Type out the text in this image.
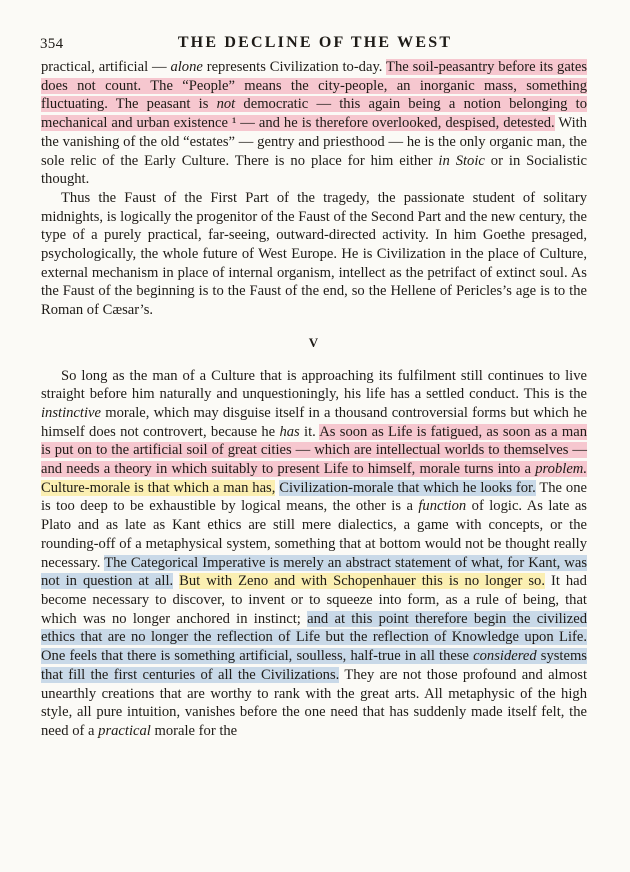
354	THE DECLINE OF THE WEST

practical, artificial — alone represents Civilization to-day. The soil-peasantry before its gates does not count. The “People” means the city-people, an inorganic mass, something fluctuating. The peasant is not democratic — this again being a notion belonging to mechanical and urban existence ¹ — and he is therefore overlooked, despised, detested. With the vanishing of the old “estates” — gentry and priesthood — he is the only organic man, the sole relic of the Early Culture. There is no place for him either in Stoic or in Socialistic thought.

Thus the Faust of the First Part of the tragedy, the passionate student of solitary midnights, is logically the progenitor of the Faust of the Second Part and the new century, the type of a purely practical, far-seeing, outward-directed activity. In him Goethe presaged, psychologically, the whole future of West Europe. He is Civilization in the place of Culture, external mechanism in place of internal organism, intellect as the petrifact of extinct soul. As the Faust of the beginning is to the Faust of the end, so the Hellene of Pericles’s age is to the Roman of Cæsar’s.

V

So long as the man of a Culture that is approaching its fulfilment still continues to live straight before him naturally and unquestioningly, his life has a settled conduct. This is the instinctive morale, which may disguise itself in a thousand controversial forms but which he himself does not controvert, because he has it. As soon as Life is fatigued, as soon as a man is put on to the artificial soil of great cities — which are intellectual worlds to themselves — and needs a theory in which suitably to present Life to himself, morale turns into a problem. Culture-morale is that which a man has, Civilization-morale that which he looks for. The one is too deep to be exhaustible by logical means, the other is a function of logic. As late as Plato and as late as Kant ethics are still mere dialectics, a game with concepts, or the rounding-off of a metaphysical system, something that at bottom would not be thought really necessary. The Categorical Imperative is merely an abstract statement of what, for Kant, was not in question at all. But with Zeno and with Schopenhauer this is no longer so. It had become necessary to discover, to invent or to squeeze into form, as a rule of being, that which was no longer anchored in instinct; and at this point therefore begin the civilized ethics that are no longer the reflection of Life but the reflection of Knowledge upon Life. One feels that there is something artificial, soulless, half-true in all these considered systems that fill the first centuries of all the Civilizations. They are not those profound and almost unearthly creations that are worthy to rank with the great arts. All metaphysic of the high style, all pure intuition, vanishes before the one need that has suddenly made itself felt, the need of a practical morale for the
